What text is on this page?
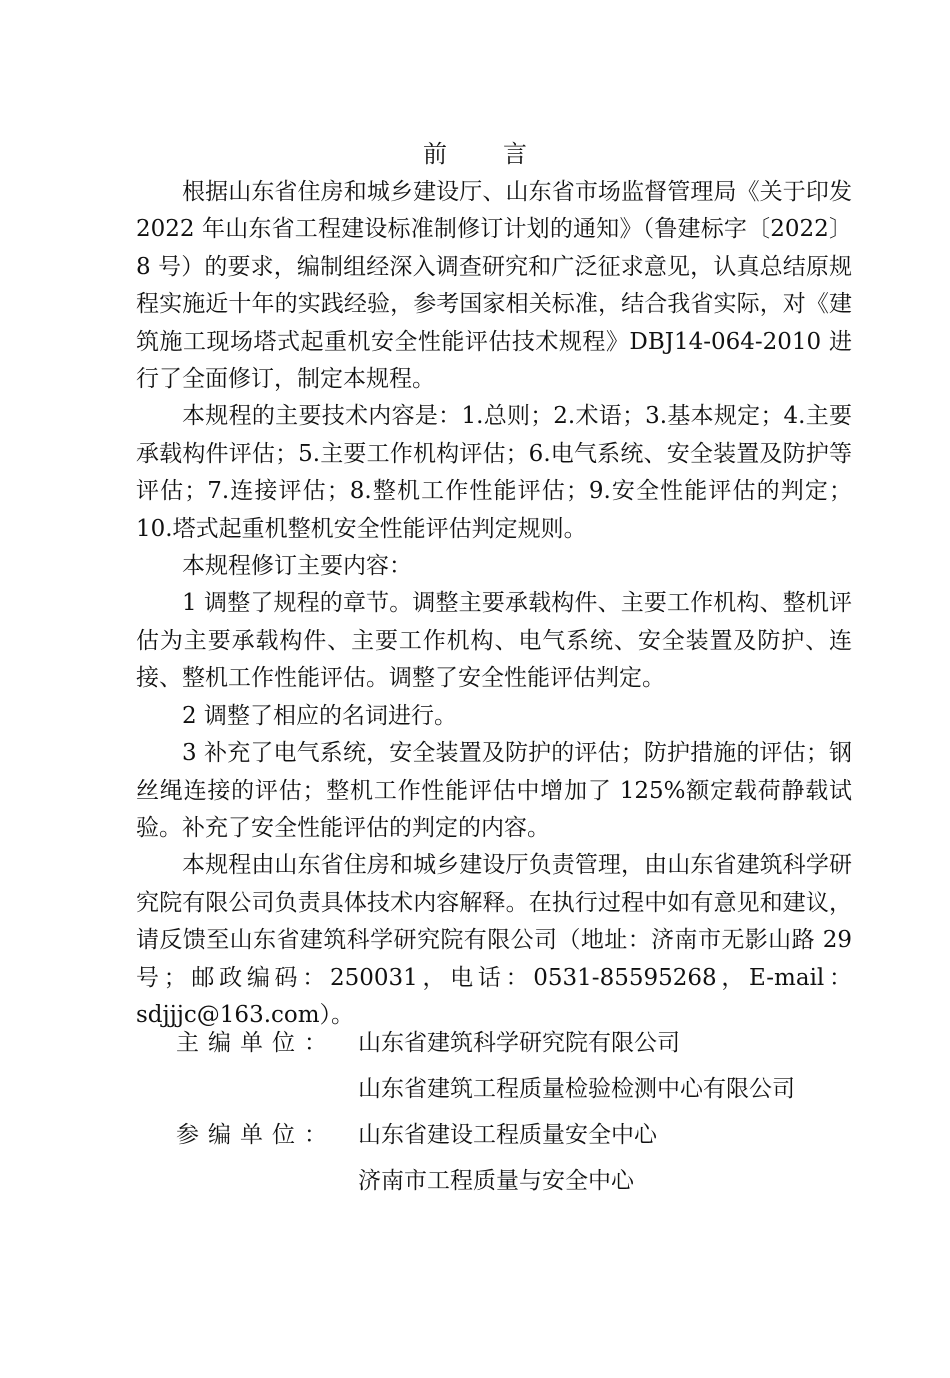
前言

根据山东省住房和城乡建设厅、山东省市场监督管理局《关于印发 2022 年山东省工程建设标准制修订计划的通知》（鲁建标字〔2022〕8 号）的要求，编制组经深入调查研究和广泛征求意见，认真总结原规程实施近十年的实践经验，参考国家相关标准，结合我省实际，对《建筑施工现场塔式起重机安全性能评估技术规程》DBJ14-064-2010 进行了全面修订，制定本规程。

本规程的主要技术内容是：1.总则；2.术语；3.基本规定；4.主要承载构件评估；5.主要工作机构评估；6.电气系统、安全装置及防护等评估；7.连接评估；8.整机工作性能评估；9.安全性能评估的判定；10.塔式起重机整机安全性能评估判定规则。

本规程修订主要内容：

1 调整了规程的章节。调整主要承载构件、主要工作机构、整机评估为主要承载构件、主要工作机构、电气系统、安全装置及防护、连接、整机工作性能评估。调整了安全性能评估判定。

2 调整了相应的名词进行。

3 补充了电气系统，安全装置及防护的评估；防护措施的评估；钢丝绳连接的评估；整机工作性能评估中增加了 125%额定载荷静载试验。补充了安全性能评估的判定的内容。

本规程由山东省住房和城乡建设厅负责管理，由山东省建筑科学研究院有限公司负责具体技术内容解释。在执行过程中如有意见和建议，请反馈至山东省建筑科学研究院有限公司（地址：济南市无影山路 29 号；邮政编码：250031，电话：0531-85595268，E-mail：sdjjjc@163.com）。

主编单位： 山东省建筑科学研究院有限公司
山东省建筑工程质量检验检测中心有限公司
参编单位： 山东省建设工程质量安全中心
济南市工程质量与安全中心
